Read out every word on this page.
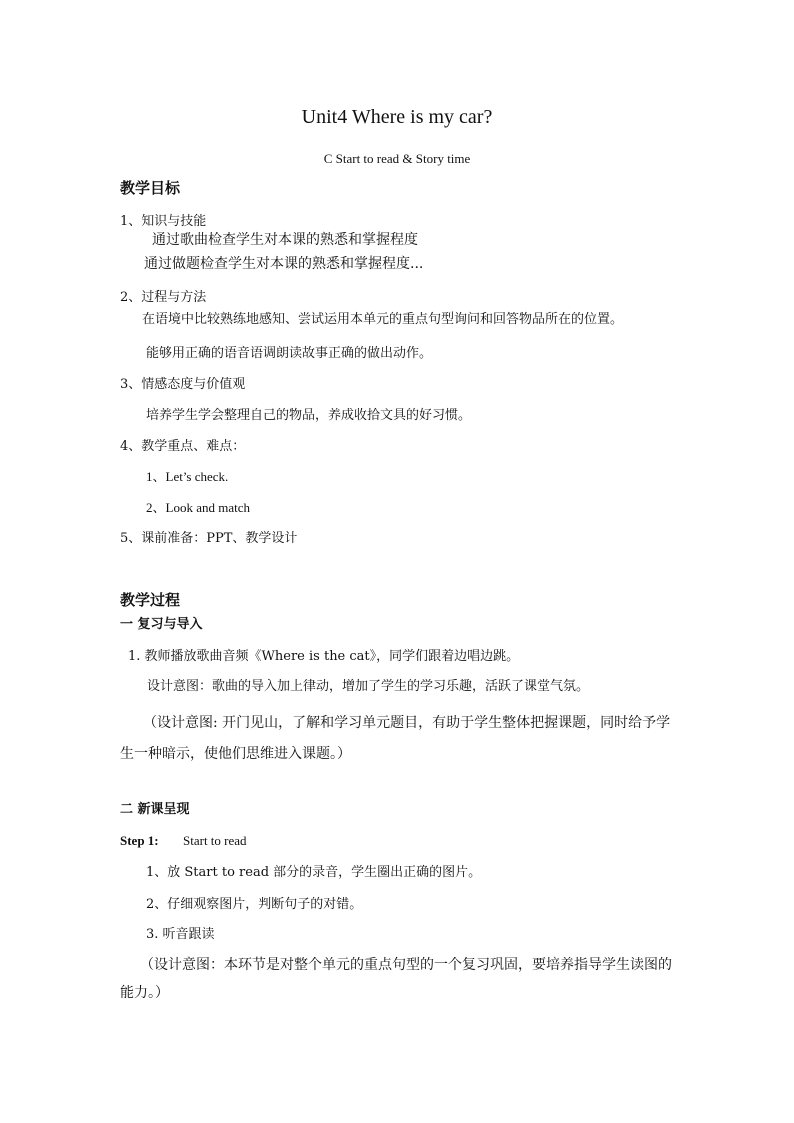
Unit4 Where is my car?
C Start to read & Story time
教学目标
1、知识与技能
通过歌曲检查学生对本课的熟悉和掌握程度
通过做题检查学生对本课的熟悉和掌握程度...
2、过程与方法
在语境中比较熟练地感知、尝试运用本单元的重点句型询问和回答物品所在的位置。
能够用正确的语音语调朗读故事正确的做出动作。
3、情感态度与价值观
培养学生学会整理自己的物品，养成收拾文具的好习惯。
4、教学重点、难点：
1、Let’s check.
2、Look and match
5、课前准备：PPT、教学设计
教学过程
一 复习与导入
1. 教师播放歌曲音频《Where is the cat》，同学们跟着边唱边跳。
设计意图：歌曲的导入加上律动，增加了学生的学习乐趣，活跃了课堂气氛。
（设计意图: 开门见山，了解和学习单元题目，有助于学生整体把握课题，同时给予学
生一种暗示，使他们思维进入课题。）
二 新课呈现
Step 1: Start to read
1、放 Start to read 部分的录音，学生圈出正确的图片。
2、仔细观察图片，判断句子的对错。
3. 听音跟读
（设计意图：本环节是对整个单元的重点句型的一个复习巩固，要培养指导学生读图的
能力。）
